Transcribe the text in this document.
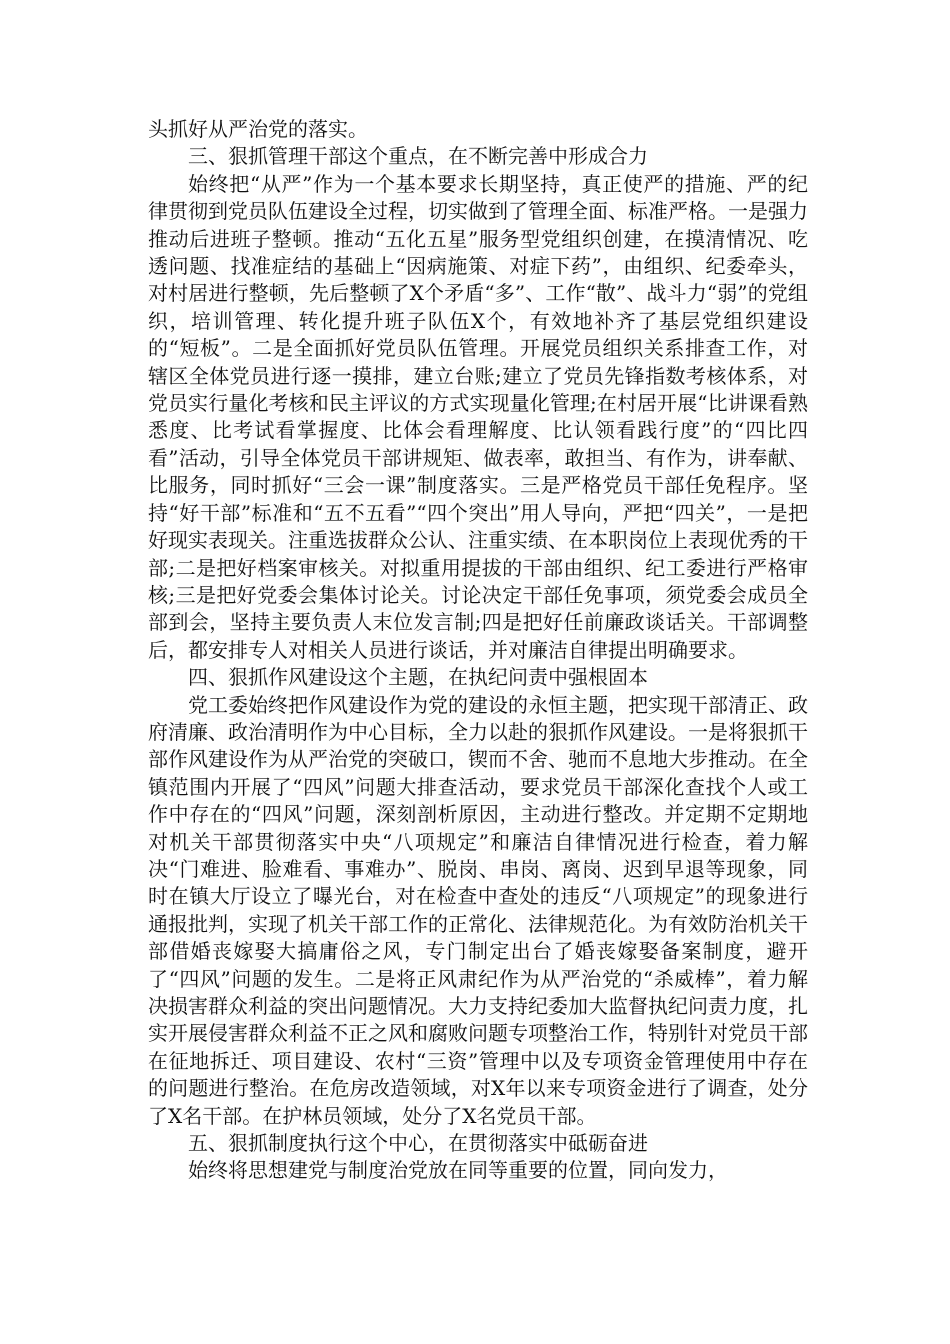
头抓好从严治党的落实。

三、狠抓管理干部这个重点，在不断完善中形成合力

始终把“从严”作为一个基本要求长期坚持，真正使严的措施、严的纪律贯彻到党员队伍建设全过程，切实做到了管理全面、标准严格。一是强力推动后进班子整顿。推动“五化五星”服务型党组织创建，在摸清情况、吃透问题、找准症结的基础上“因病施策、对症下药”，由组织、纪委牵头，对村居进行整顿，先后整顿了X个矛盾“多”、工作“散”、战斗力“弱”的党组织，培训管理、转化提升班子队伍X个，有效地补齐了基层党组织建设的“短板”。二是全面抓好党员队伍管理。开展党员组织关系排查工作，对辖区全体党员进行逐一摸排，建立台账;建立了党员先锋指数考核体系，对党员实行量化考核和民主评议的方式实现量化管理;在村居开展“比讲课看熟悉度、比考试看掌握度、比体会看理解度、比认领看践行度”的“四比四看”活动，引导全体党员干部讲规矩、做表率，敢担当、有作为，讲奉献、比服务，同时抓好“三会一课”制度落实。三是严格党员干部任免程序。坚持“好干部”标准和“五不五看”“四个突出”用人导向，严把“四关”，一是把好现实表现关。注重选拔群众公认、注重实绩、在本职岗位上表现优秀的干部;二是把好档案审核关。对拟重用提拔的干部由组织、纪工委进行严格审核;三是把好党委会集体讨论关。讨论决定干部任免事项，须党委会成员全部到会，坚持主要负责人末位发言制;四是把好任前廉政谈话关。干部调整后，都安排专人对相关人员进行谈话，并对廉洁自律提出明确要求。

四、狠抓作风建设这个主题，在执纪问责中强根固本

党工委始终把作风建设作为党的建设的永恒主题，把实现干部清正、政府清廉、政治清明作为中心目标，全力以赴的狠抓作风建设。一是将狠抓干部作风建设作为从严治党的突破口，锲而不舍、驰而不息地大步推动。在全镇范围内开展了“四风”问题大排查活动，要求党员干部深化查找个人或工作中存在的“四风”问题，深刻剖析原因，主动进行整改。并定期不定期地对机关干部贯彻落实中央“八项规定”和廉洁自律情况进行检查，着力解决“门难进、脸难看、事难办”、脱岗、串岗、离岗、迟到早退等现象，同时在镇大厅设立了曝光台，对在检查中查处的违反“八项规定”的现象进行通报批判，实现了机关干部工作的正常化、法律规范化。为有效防治机关干部借婚丧嫁娶大搞庸俗之风，专门制定出台了婚丧嫁娶备案制度，避开了“四风”问题的发生。二是将正风肃纪作为从严治党的“杀威棒”，着力解决损害群众利益的突出问题情况。大力支持纪委加大监督执纪问责力度，扎实开展侵害群众利益不正之风和腐败问题专项整治工作，特别针对党员干部在征地拆迁、项目建设、农村“三资”管理中以及专项资金管理使用中存在的问题进行整治。在危房改造领域，对X年以来专项资金进行了调查，处分了X名干部。在护林员领域，处分了X名党员干部。

五、狠抓制度执行这个中心，在贯彻落实中砥砺奋进

始终将思想建党与制度治党放在同等重要的位置，同向发力，
